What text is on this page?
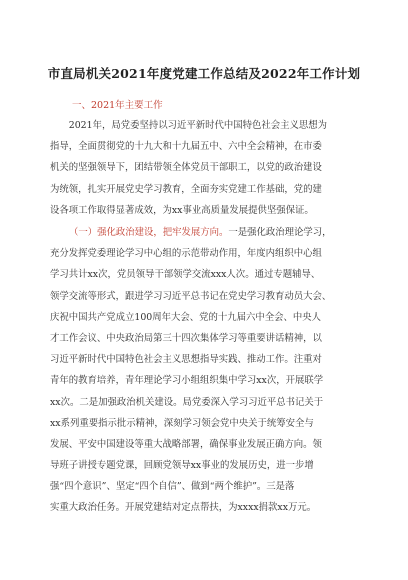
市直局机关2021年度党建工作总结及2022年工作计划
一、2021年主要工作
　　2021年，局党委坚持以习近平新时代中国特色社会主义思想为
指导，全面贯彻党的十九大和十九届五中、六中全会精神，在市委
机关的坚强领导下，团结带领全体党员干部职工，以党的政治建设
为统领，扎实开展党史学习教育，全面夯实党建工作基础，党的建
设各项工作取得显著成效，为xx事业高质量发展提供坚强保证。
（一）强化政治建设，把牢发展方向。一是强化政治理论学习，
充分发挥党委理论学习中心组的示范带动作用，年度内组织中心组
学习共计xx次，党员领导干部领学交流xxx人次。通过专题辅导、
领学交流等形式，跟进学习习近平总书记在党史学习教育动员大会、
庆祝中国共产党成立100周年大会、党的十九届六中全会、中央人
才工作会议、中央政治局第三十四次集体学习等重要讲话精神，以
习近平新时代中国特色社会主义思想指导实践、推动工作。注重对
青年的教育培养，青年理论学习小组组织集中学习xx次，开展联学
xx次。二是加强政治机关建设。局党委深入学习习近平总书记关于
xx系列重要指示批示精神，深刻学习领会党中央关于统筹安全与
发展、平安中国建设等重大战略部署，确保事业发展正确方向。领
导班子讲授专题党课，回顾党领导xx事业的发展历史，进一步增
强“四个意识”、坚定“四个自信”、做到“两个维护”。三是落
实重大政治任务。开展党建结对定点帮扶，为xxxx捐款xx万元。
